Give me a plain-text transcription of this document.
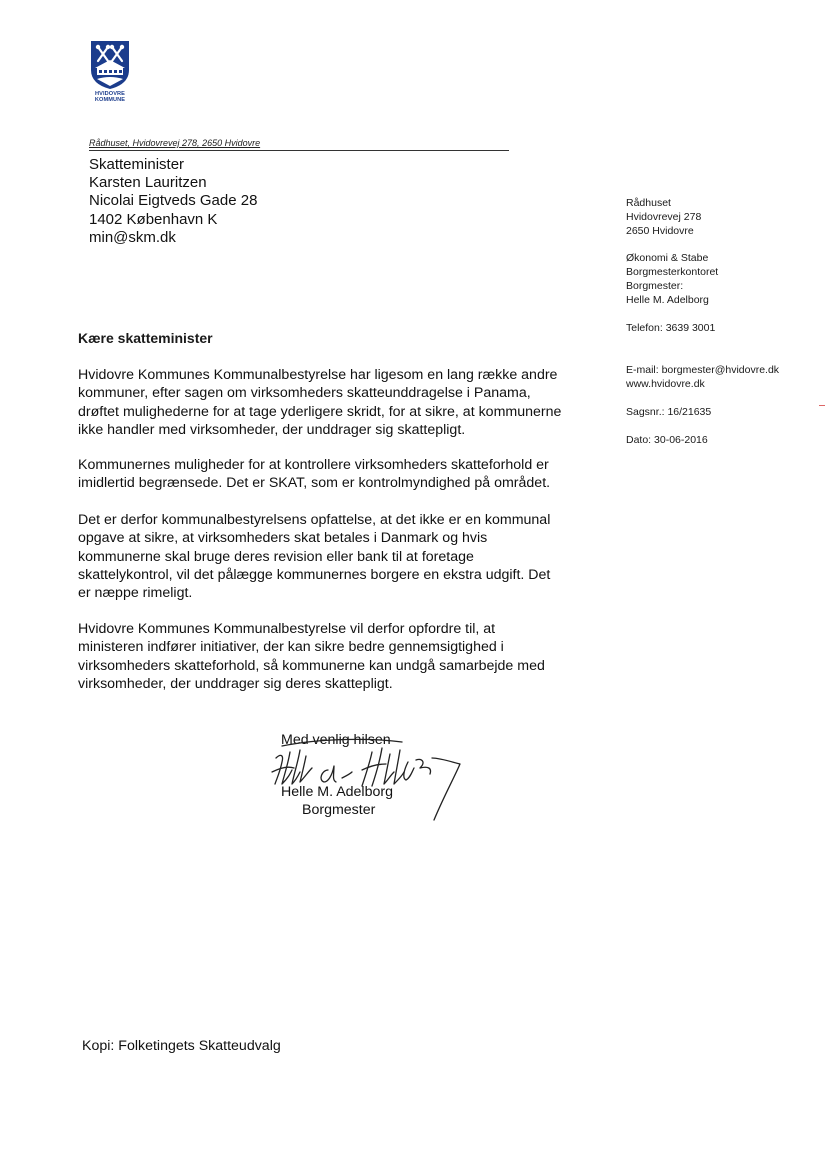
HVIDOVRE
KOMMUNE
Rådhuset, Hvidovrevej 278, 2650 Hvidovre
Skatteminister
Karsten Lauritzen
Nicolai Eigtveds Gade 28
1402 København K
min@skm.dk
Rådhuset
Hvidovrevej 278
2650 Hvidovre
Økonomi & Stabe
Borgmesterkontoret
Borgmester:
Helle M. Adelborg
Telefon: 3639 3001
E-mail: borgmester@hvidovre.dk
www.hvidovre.dk
Sagsnr.: 16/21635
Dato: 30-06-2016
Kære skatteminister
Hvidovre Kommunes Kommunalbestyrelse har ligesom en lang række andre
kommuner, efter sagen om virksomheders skatteunddragelse i Panama,
drøftet mulighederne for at tage yderligere skridt, for at sikre, at kommunerne
ikke handler med virksomheder, der unddrager sig skattepligt.
Kommunernes muligheder for at kontrollere virksomheders skatteforhold er
imidlertid begrænsede. Det er SKAT, som er kontrolmyndighed på området.
Det er derfor kommunalbestyrelsens opfattelse, at det ikke er en kommunal
opgave at sikre, at virksomheders skat betales i Danmark og hvis
kommunerne skal bruge deres revision eller bank til at foretage
skattelykontrol, vil det pålægge kommunernes borgere en ekstra udgift. Det
er næppe rimeligt.
Hvidovre Kommunes Kommunalbestyrelse vil derfor opfordre til, at
ministeren indfører initiativer, der kan sikre bedre gennemsigtighed i
virksomheders skatteforhold, så kommunerne kan undgå samarbejde med
virksomheder, der unddrager sig deres skattepligt.
Med venlig hilsen
Helle M. Adelborg
Borgmester
Kopi: Folketingets Skatteudvalg
